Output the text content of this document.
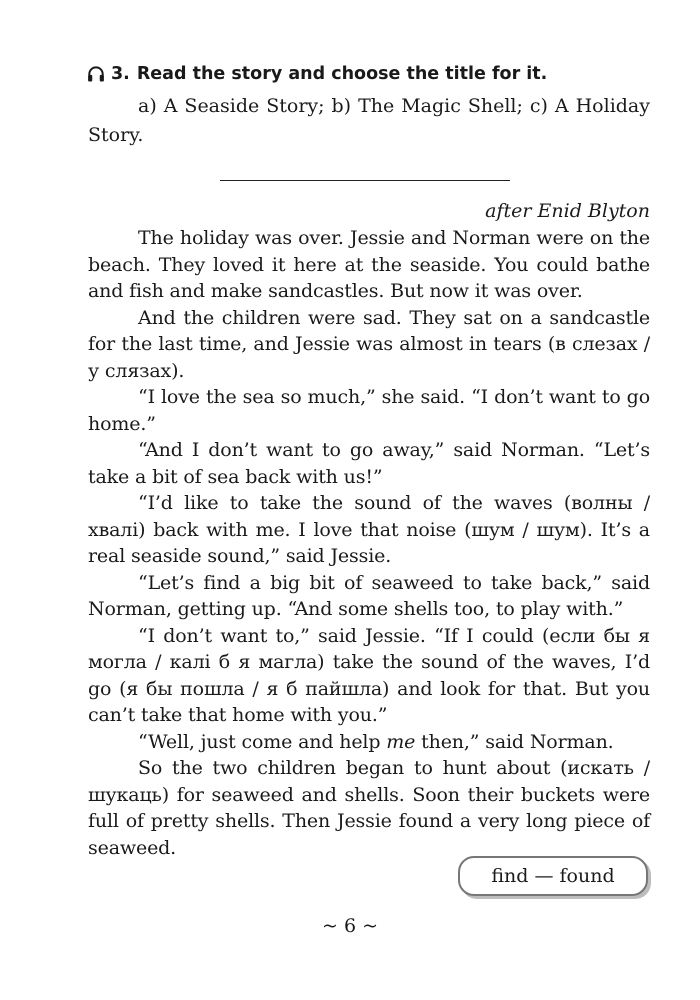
3. Read the story and choose the title for it.

a) A Seaside Story; b) The Magic Shell; c) A Holiday Story.

after Enid Blyton

The holiday was over. Jessie and Norman were on the beach. They loved it here at the seaside. You could bathe and fish and make sandcastles. But now it was over.

And the children were sad. They sat on a sandcastle for the last time, and Jessie was almost in tears (в слезах / у слязах).

“I love the sea so much,” she said. “I don’t want to go home.”

“And I don’t want to go away,” said Norman. “Let’s take a bit of sea back with us!”

“I’d like to take the sound of the waves (волны / хвалі) back with me. I love that noise (шум / шум). It’s a real seaside sound,” said Jessie.

“Let’s find a big bit of seaweed to take back,” said Norman, getting up. “And some shells too, to play with.”

“I don’t want to,” said Jessie. “If I could (если бы я могла / калі б я магла) take the sound of the waves, I’d go (я бы пошла / я б пайшла) and look for that. But you can’t take that home with you.”

“Well, just come and help me then,” said Norman.

So the two children began to hunt about (искать / шукаць) for seaweed and shells. Soon their buckets were full of pretty shells. Then Jessie found a very long piece of seaweed.

find — found
~ 6 ~
